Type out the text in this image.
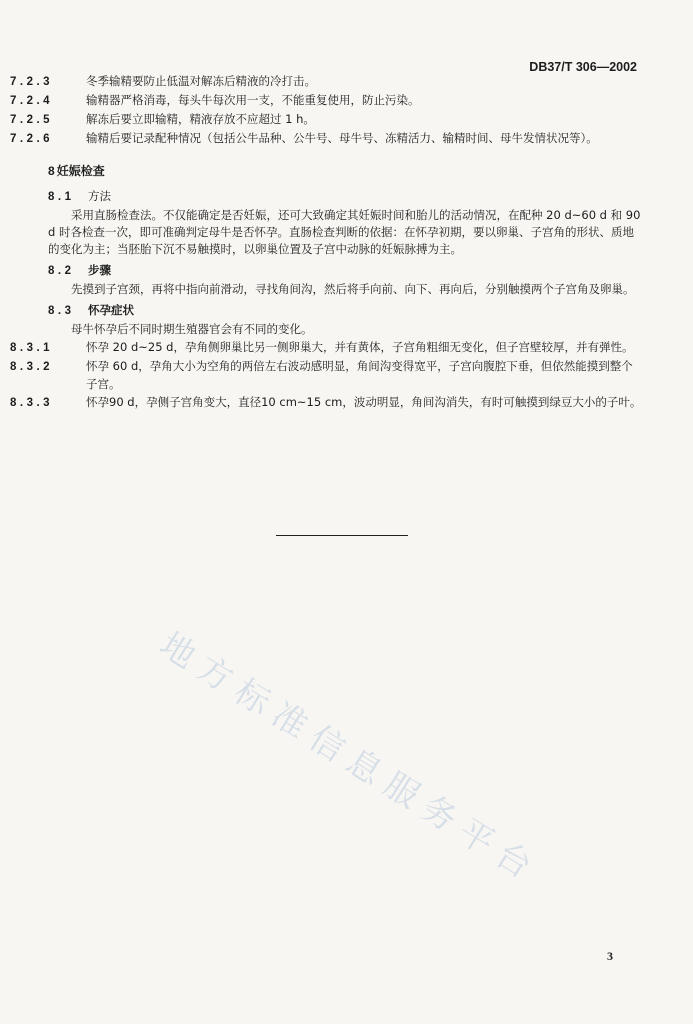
DB37/T 306—2002
7.2.3	冬季输精要防止低温对解冻后精液的冷打击。
7.2.4	输精器严格消毒，每头牛每次用一支，不能重复使用，防止污染。
7.2.5	解冻后要立即输精，精液存放不应超过 1 h。
7.2.6	输精后要记录配种情况（包括公牛品种、公牛号、母牛号、冻精活力、输精时间、母牛发情状况等）。
8 妊娠检查
8.1 方法
采用直肠检查法。不仅能确定是否妊娠，还可大致确定其妊娠时间和胎儿的活动情况，在配种 20 d~60 d 和 90 d 时各检查一次，即可准确判定母牛是否怀孕。直肠检查判断的依据：在怀孕初期，要以卵巢、子宫角的形状、质地的变化为主；当胚胎下沉不易触摸时，以卵巢位置及子宫中动脉的妊娠脉搏为主。
8.2 步骤
先摸到子宫颈，再将中指向前滑动，寻找角间沟，然后将手向前、向下、再向后，分别触摸两个子宫角及卵巢。
8.3 怀孕症状
母牛怀孕后不同时期生殖器官会有不同的变化。
8.3.1	怀孕 20 d~25 d，孕角侧卵巢比另一侧卵巢大，并有黄体，子宫角粗细无变化，但子宫壁较厚，并有弹性。
8.3.2	怀孕 60 d，孕角大小为空角的两倍左右波动感明显，角间沟变得宽平，子宫向腹腔下垂，但依然能摸到整个子宫。
8.3.3	怀孕90 d，孕侧子宫角变大，直径10 cm~15 cm，波动明显，角间沟消失，有时可触摸到绿豆大小的子叶。
地方标准信息服务平台
3
